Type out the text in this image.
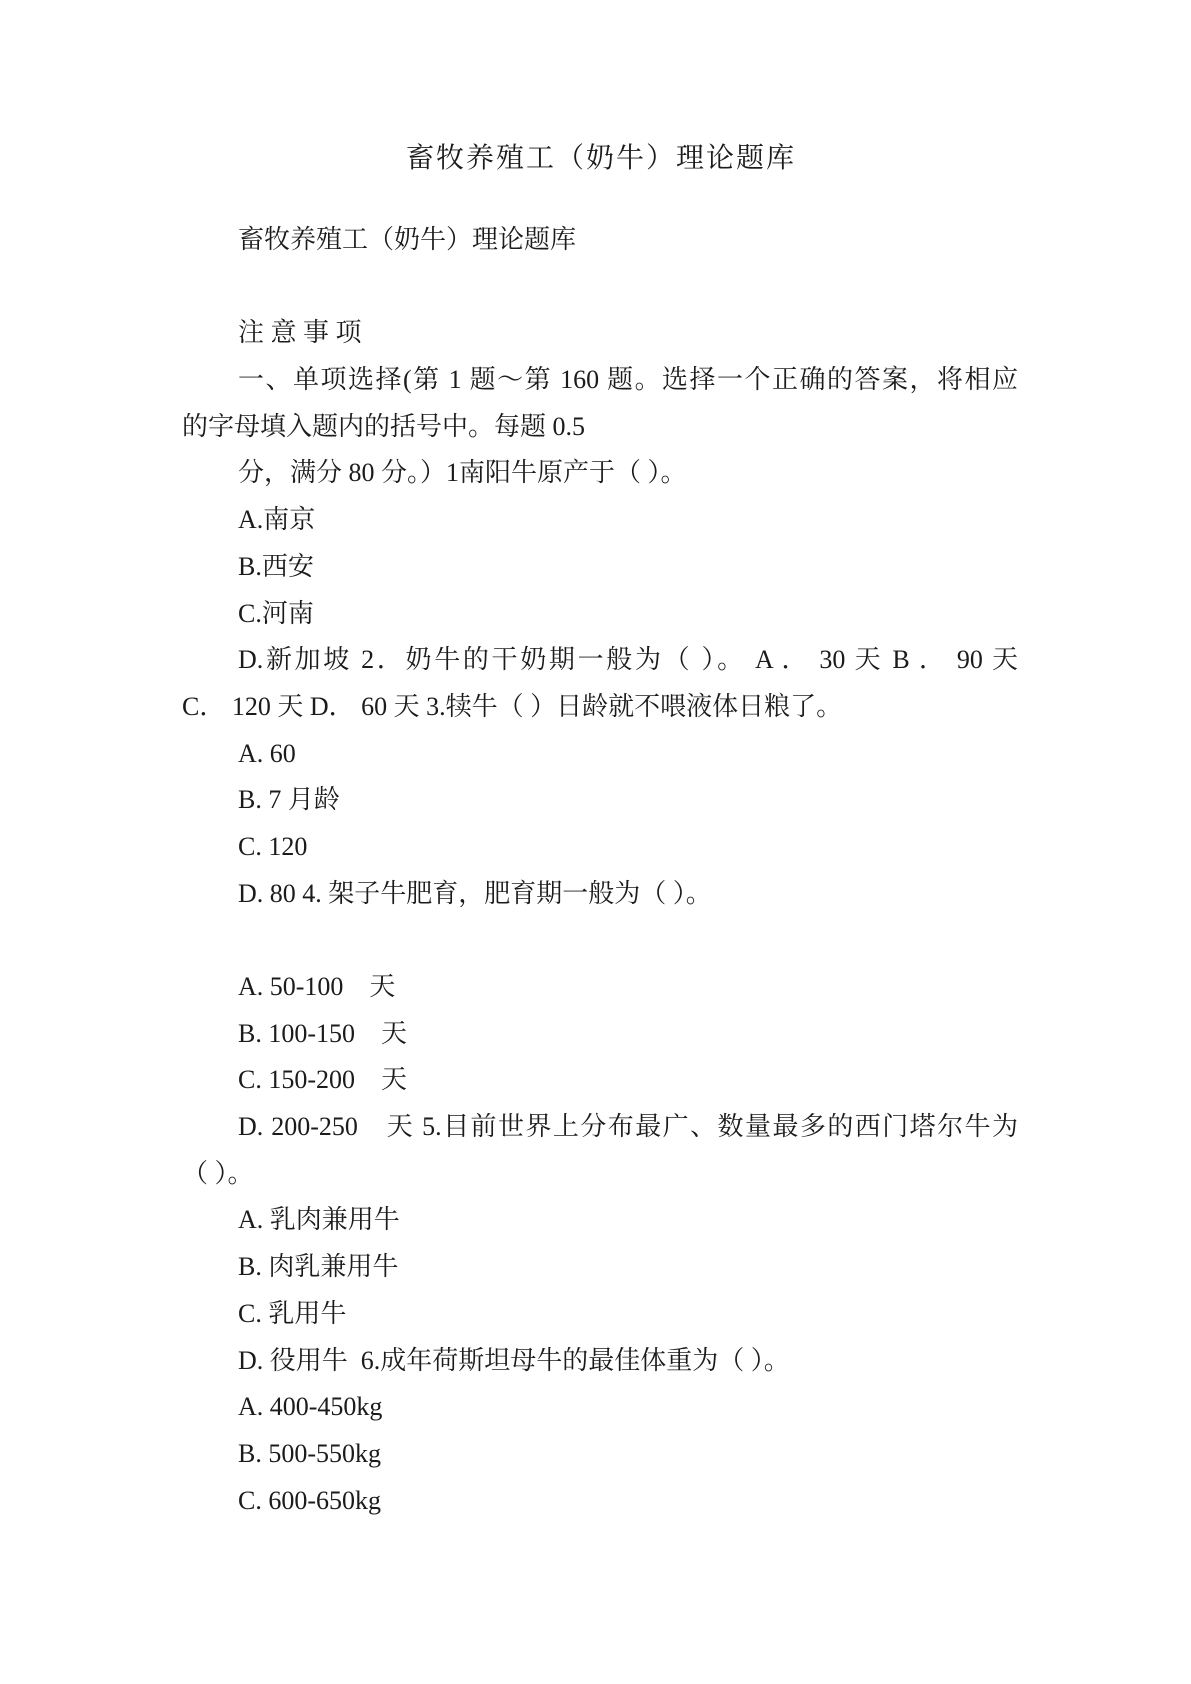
畜牧养殖工（奶牛）理论题库
畜牧养殖工（奶牛）理论题库
注 意 事 项
一、单项选择(第 1 题～第 160 题。选择一个正确的答案，将相应
的字母填入题内的括号中。每题 0.5
分，满分 80 分。）1南阳牛原产于（ ）。
A.南京
B.西安
C.河南
D.新加坡 2．奶牛的干奶期一般为（ ）。 A ． 30 天 B ． 90 天
C． 120 天 D． 60 天 3.犊牛（ ）日龄就不喂液体日粮了。
A. 60
B. 7 月龄
C. 120
D. 80 4. 架子牛肥育，肥育期一般为（ ）。
A. 50-100　天
B. 100-150　天
C. 150-200　天
D. 200-250　天 5.目前世界上分布最广、数量最多的西门塔尔牛为
（ ）。
A. 乳肉兼用牛
B. 肉乳兼用牛
C. 乳用牛
D. 役用牛  6.成年荷斯坦母牛的最佳体重为（ ）。
A. 400-450kg
B. 500-550kg
C. 600-650kg
